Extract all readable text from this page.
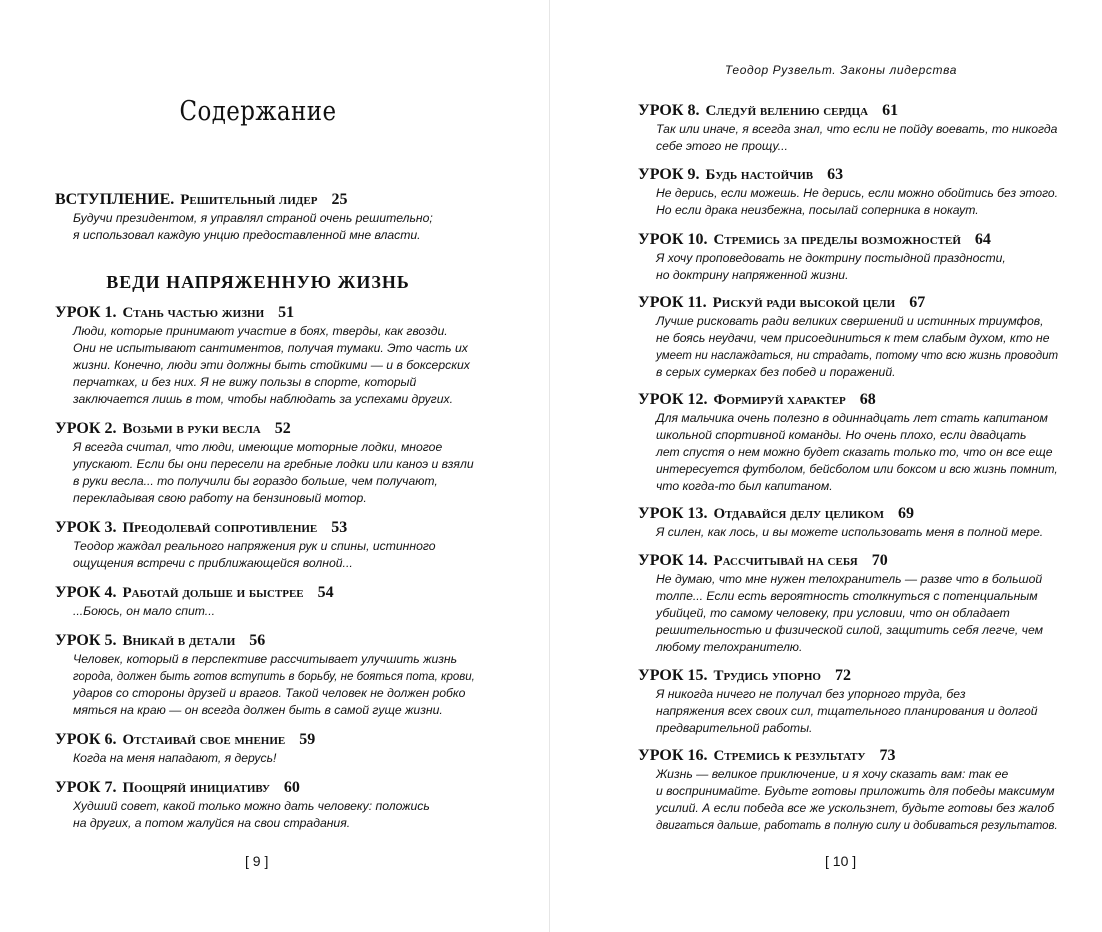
Содержание
ВЕДИ НАПРЯЖЕННУЮ ЖИЗНЬ
ВСТУПЛЕНИЕ. Решительный лидер 25
Будучи президентом, я управлял страной очень решительно;
я использовал каждую унцию предоставленной мне власти.
УРОК 1. Стань частью жизни 51
Люди, которые принимают участие в боях, тверды, как гвозди.
Они не испытывают сантиментов, получая тумаки. Это часть их
жизни. Конечно, люди эти должны быть стойкими — и в боксерских
перчатках, и без них. Я не вижу пользы в спорте, который
заключается лишь в том, чтобы наблюдать за успехами других.
УРОК 2. Возьми в руки весла 52
Я всегда считал, что люди, имеющие моторные лодки, многое
упускают. Если бы они пересели на гребные лодки или каноэ и взяли
в руки весла... то получили бы гораздо больше, чем получают,
перекладывая свою работу на бензиновый мотор.
УРОК 3. Преодолевай сопротивление 53
Теодор жаждал реального напряжения рук и спины, истинного
ощущения встречи с приближающейся волной...
УРОК 4. Работай дольше и быстрее 54
...Боюсь, он мало спит...
УРОК 5. Вникай в детали 56
Человек, который в перспективе рассчитывает улучшить жизнь
города, должен быть готов вступить в борьбу, не бояться пота, крови,
ударов со стороны друзей и врагов. Такой человек не должен робко
мяться на краю — он всегда должен быть в самой гуще жизни.
УРОК 6. Отстаивай свое мнение 59
Когда на меня нападают, я дерусь!
УРОК 7. Поощряй инициативу 60
Худший совет, какой только можно дать человеку: положись
на других, а потом жалуйся на свои страдания.
[ 9 ]
Теодор Рузвельт. Законы лидерства
УРОК 8. Следуй велению сердца 61
Так или иначе, я всегда знал, что если не пойду воевать, то никогда
себе этого не прощу...
УРОК 9. Будь настойчив 63
Не дерись, если можешь. Не дерись, если можно обойтись без этого.
Но если драка неизбежна, посылай соперника в нокаут.
УРОК 10. Стремись за пределы возможностей 64
Я хочу проповедовать не доктрину постыдной праздности,
но доктрину напряженной жизни.
УРОК 11. Рискуй ради высокой цели 67
Лучше рисковать ради великих свершений и истинных триумфов,
не боясь неудачи, чем присоединиться к тем слабым духом, кто не
умеет ни наслаждаться, ни страдать, потому что всю жизнь проводит
в серых сумерках без побед и поражений.
УРОК 12. Формируй характер 68
Для мальчика очень полезно в одиннадцать лет стать капитаном
школьной спортивной команды. Но очень плохо, если двадцать
лет спустя о нем можно будет сказать только то, что он все еще
интересуется футболом, бейсболом или боксом и всю жизнь помнит,
что когда-то был капитаном.
УРОК 13. Отдавайся делу целиком 69
Я силен, как лось, и вы можете использовать меня в полной мере.
УРОК 14. Рассчитывай на себя 70
Не думаю, что мне нужен телохранитель — разве что в большой
толпе... Если есть вероятность столкнуться с потенциальным
убийцей, то самому человеку, при условии, что он обладает
решительностью и физической силой, защитить себя легче, чем
любому телохранителю.
УРОК 15. Трудись упорно 72
Я никогда ничего не получал без упорного труда, без
напряжения всех своих сил, тщательного планирования и долгой
предварительной работы.
УРОК 16. Стремись к результату 73
Жизнь — великое приключение, и я хочу сказать вам: так ее
и воспринимайте. Будьте готовы приложить для победы максимум
усилий. А если победа все же ускользнет, будьте готовы без жалоб
двигаться дальше, работать в полную силу и добиваться результатов.
[ 10 ]
